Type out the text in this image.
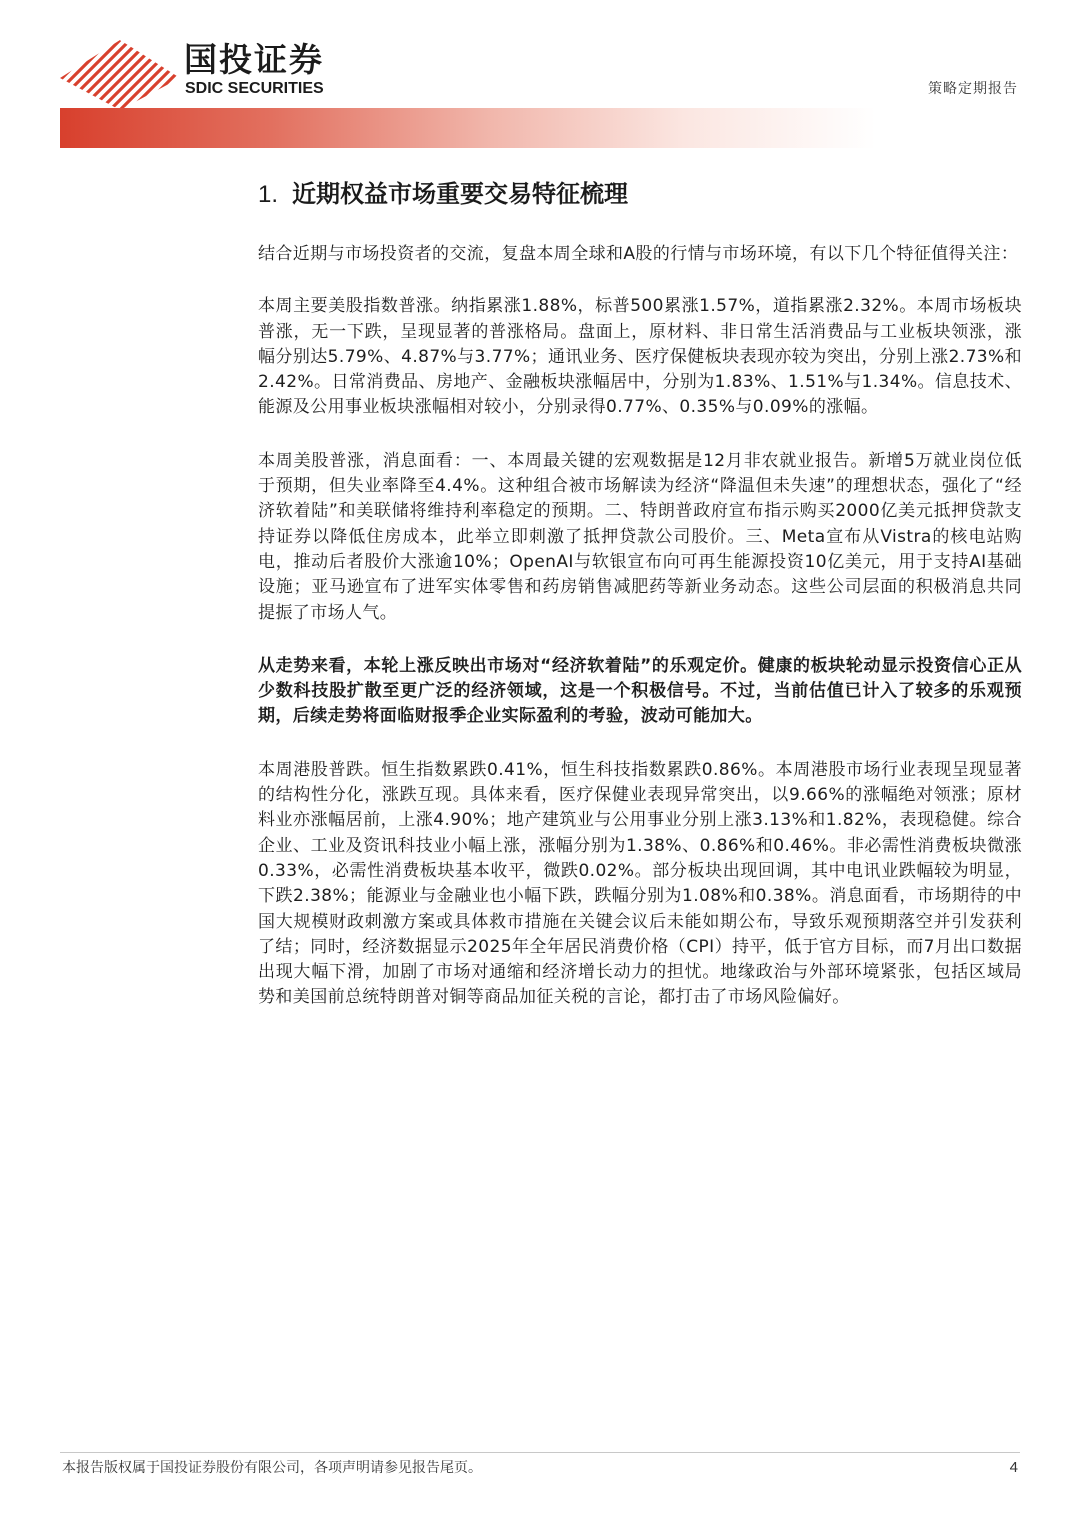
国投证券
SDIC SECURITIES	策略定期报告
1. 近期权益市场重要交易特征梳理

结合近期与市场投资者的交流，复盘本周全球和A股的行情与市场环境，有以下几个特征值得关注：

本周主要美股指数普涨。纳指累涨1.88%，标普500累涨1.57%，道指累涨2.32%。本周市场板块普涨，无一下跌，呈现显著的普涨格局。盘面上，原材料、非日常生活消费品与工业板块领涨，涨幅分别达5.79%、4.87%与3.77%；通讯业务、医疗保健板块表现亦较为突出，分别上涨2.73%和2.42%。日常消费品、房地产、金融板块涨幅居中，分别为1.83%、1.51%与1.34%。信息技术、能源及公用事业板块涨幅相对较小，分别录得0.77%、0.35%与0.09%的涨幅。

本周美股普涨，消息面看：一、本周最关键的宏观数据是12月非农就业报告。新增5万就业岗位低于预期，但失业率降至4.4%。这种组合被市场解读为经济“降温但未失速”的理想状态，强化了“经济软着陆”和美联储将维持利率稳定的预期。二、特朗普政府宣布指示购买2000亿美元抵押贷款支持证券以降低住房成本，此举立即刺激了抵押贷款公司股价。三、Meta宣布从Vistra的核电站购电，推动后者股价大涨逾10%；OpenAI与软银宣布向可再生能源投资10亿美元，用于支持AI基础设施；亚马逊宣布了进军实体零售和药房销售减肥药等新业务动态。这些公司层面的积极消息共同提振了市场人气。

从走势来看，本轮上涨反映出市场对“经济软着陆”的乐观定价。健康的板块轮动显示投资信心正从少数科技股扩散至更广泛的经济领域，这是一个积极信号。不过，当前估值已计入了较多的乐观预期，后续走势将面临财报季企业实际盈利的考验，波动可能加大。

本周港股普跌。恒生指数累跌0.41%，恒生科技指数累跌0.86%。本周港股市场行业表现呈现显著的结构性分化，涨跌互现。具体来看，医疗保健业表现异常突出，以9.66%的涨幅绝对领涨；原材料业亦涨幅居前，上涨4.90%；地产建筑业与公用事业分别上涨3.13%和1.82%，表现稳健。综合企业、工业及资讯科技业小幅上涨，涨幅分别为1.38%、0.86%和0.46%。非必需性消费板块微涨0.33%，必需性消费板块基本收平，微跌0.02%。部分板块出现回调，其中电讯业跌幅较为明显，下跌2.38%；能源业与金融业也小幅下跌，跌幅分别为1.08%和0.38%。消息面看，市场期待的中国大规模财政刺激方案或具体救市措施在关键会议后未能如期公布，导致乐观预期落空并引发获利了结；同时，经济数据显示2025年全年居民消费价格（CPI）持平，低于官方目标，而7月出口数据出现大幅下滑，加剧了市场对通缩和经济增长动力的担忧。地缘政治与外部环境紧张，包括区域局势和美国前总统特朗普对铜等商品加征关税的言论，都打击了市场风险偏好。

本报告版权属于国投证券股份有限公司，各项声明请参见报告尾页。	4
